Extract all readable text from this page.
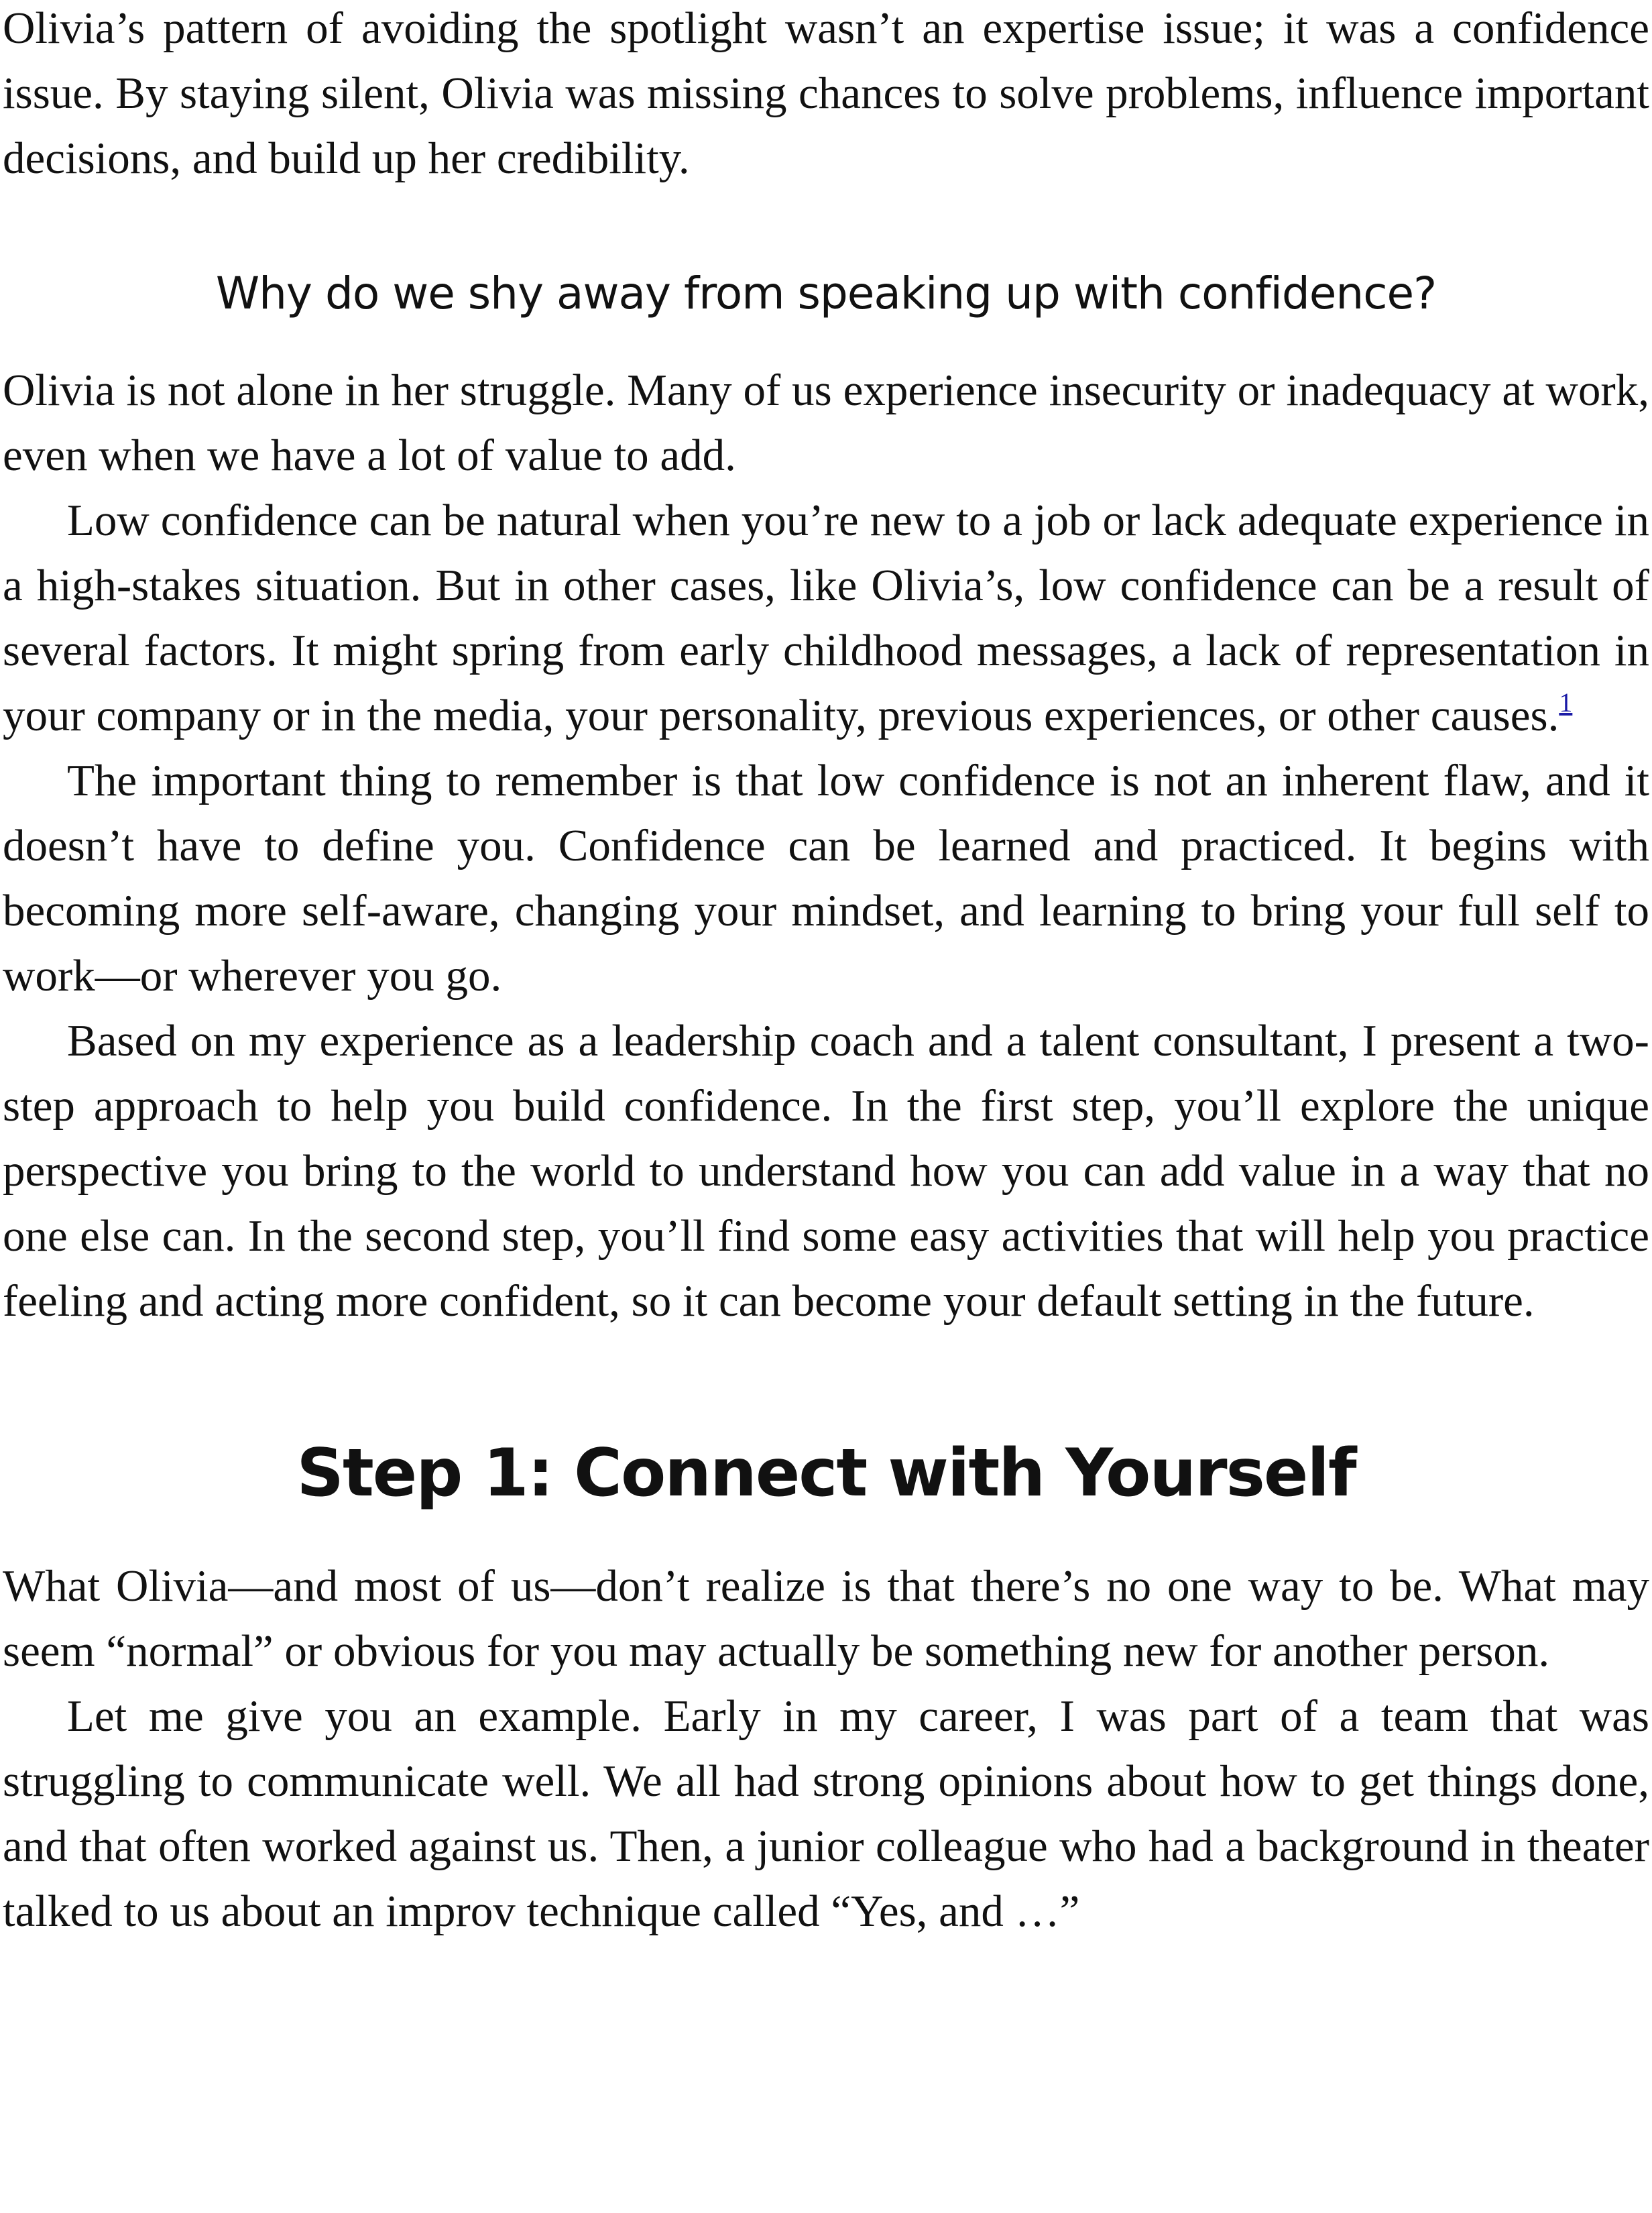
Olivia’s pattern of avoiding the spotlight wasn’t an expertise issue; it was a confidence issue. By staying silent, Olivia was missing chances to solve problems, influence important decisions, and build up her credibility.

Why do we shy away from speaking up with confidence?

Olivia is not alone in her struggle. Many of us experience insecurity or inadequacy at work, even when we have a lot of value to add.

Low confidence can be natural when you’re new to a job or lack adequate experience in a high-stakes situation. But in other cases, like Olivia’s, low confidence can be a result of several factors. It might spring from early childhood messages, a lack of representation in your company or in the media, your personality, previous experiences, or other causes.$^1$

The important thing to remember is that low confidence is not an inherent flaw, and it doesn’t have to define you. Confidence can be learned and practiced. It begins with becoming more self-aware, changing your mindset, and learning to bring your full self to work—or wherever you go.

Based on my experience as a leadership coach and a talent consultant, I present a two-step approach to help you build confidence. In the first step, you’ll explore the unique perspective you bring to the world to understand how you can add value in a way that no one else can. In the second step, you’ll find some easy activities that will help you practice feeling and acting more confident, so it can become your default setting in the future.

Step 1: Connect with Yourself

What Olivia—and most of us—don’t realize is that there’s no one way to be. What may seem “normal” or obvious for you may actually be something new for another person.

Let me give you an example. Early in my career, I was part of a team that was struggling to communicate well. We all had strong opinions about how to get things done, and that often worked against us. Then, a junior colleague who had a background in theater talked to us about an improv technique called “Yes, and …”
